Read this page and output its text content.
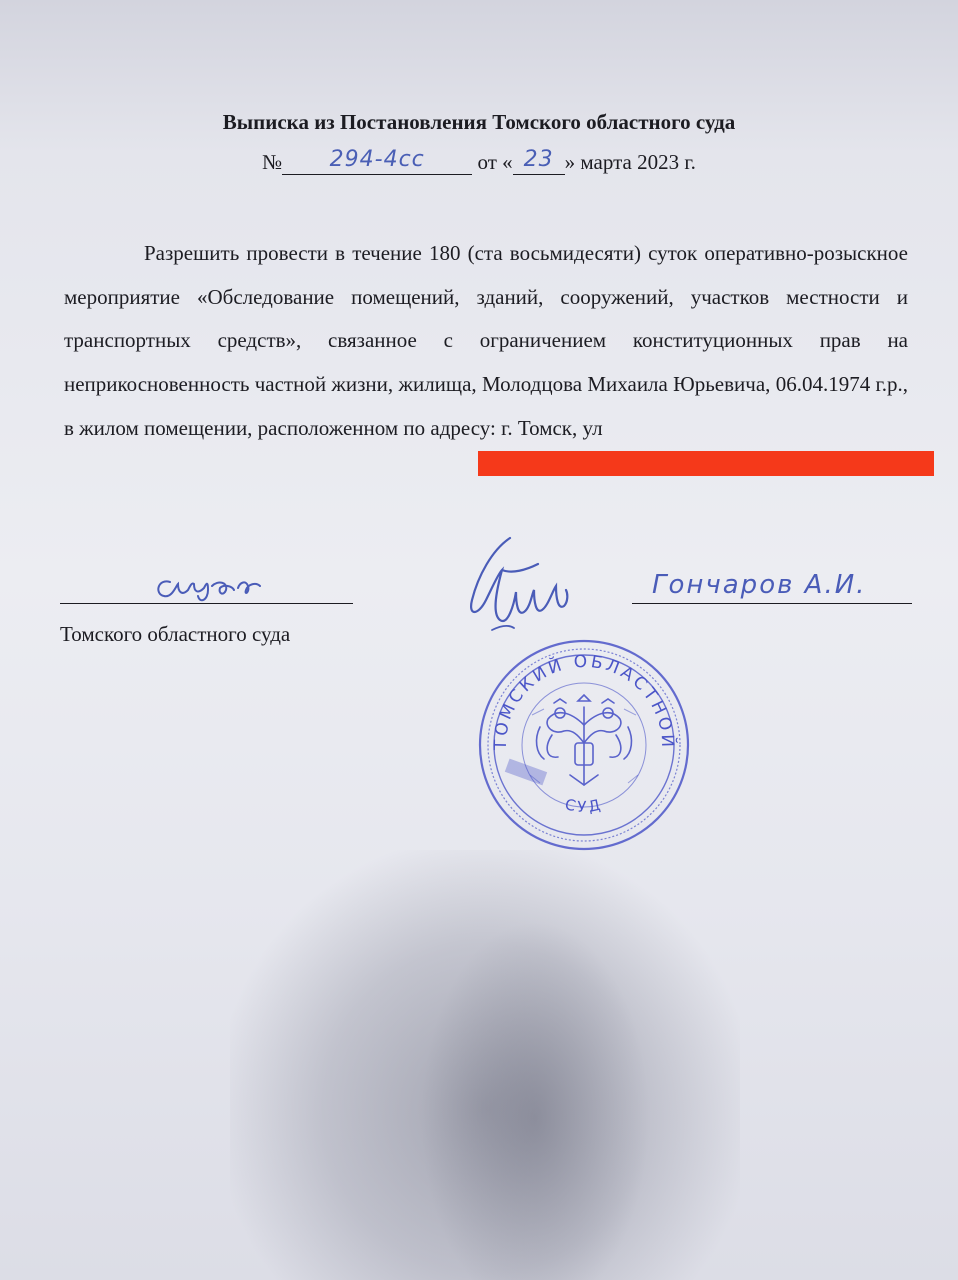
Выписка из Постановления Томского областного суда
№	294-4сс	от « 23 » марта 2023 г.
Разрешить провести в течение 180 (ста восьмидесяти) суток оперативно-розыскное мероприятие «Обследование помещений, зданий, сооружений, участков местности и транспортных средств», связанное с ограничением конституционных прав на неприкосновенность частной жизни, жилища, Молодцова Михаила Юрьевича, 06.04.1974 г.р., в жилом помещении, расположенном по адресу: г. Томск, ул
Томского областного суда
Гончаров А.И.
ТОМСКИЙ ОБЛАСТНОЙ
СУД
